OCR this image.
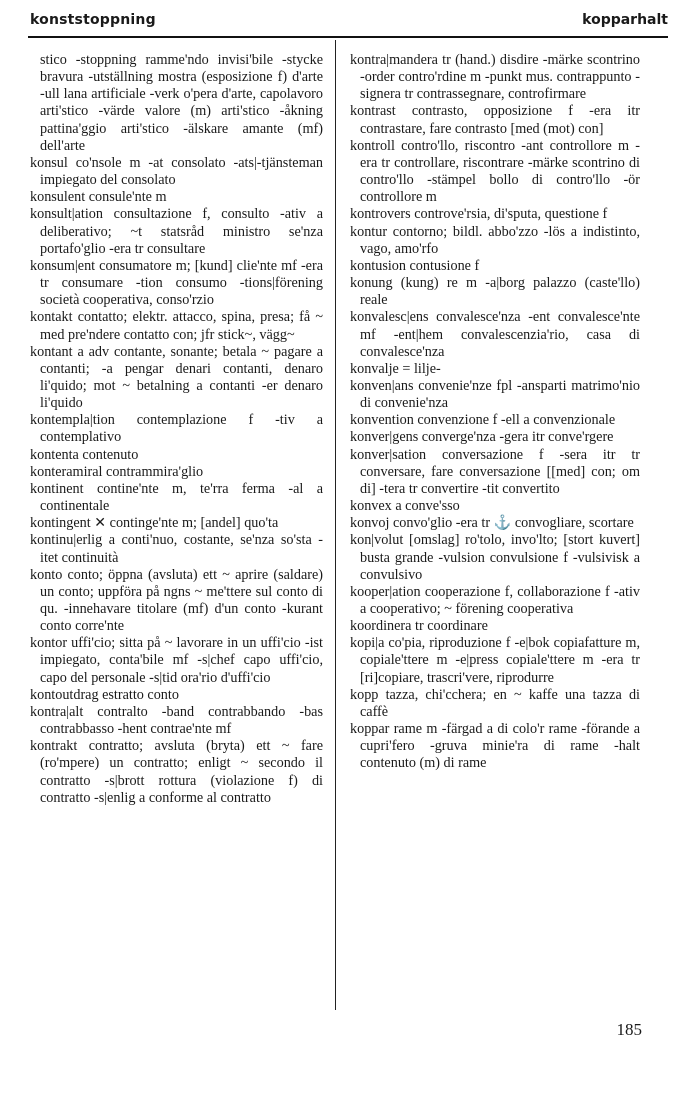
konststoppning	kopparhalt

stico -stoppning ramme'ndo invisi'bile -stycke bravura -utställning mostra (esposizione f) d'arte -ull lana artificiale -verk o'pera d'arte, capolavoro arti'stico -värde valore (m) arti'stico -åkning pattina'ggio arti'stico -älskare amante (mf) dell'arte

konsul co'nsole m -at consolato -ats|-tjänsteman impiegato del consolato

konsulent consule'nte m

konsult|ation consultazione f, consulto -ativ a deliberativo; ~t statsråd ministro se'nza portafo'glio -era tr consultare

konsum|ent consumatore m; [kund] clie'nte mf -era tr consumare -tion consumo -tions|förening società cooperativa, conso'rzio

kontakt contatto; elektr. attacco, spina, presa; få ~ med pre'ndere contatto con; jfr stick~, vägg~

kontant a adv contante, sonante; betala ~ pagare a contanti; -a pengar denari contanti, denaro li'quido; mot ~ betalning a contanti -er denaro li'quido

kontempla|tion contemplazione f -tiv a contemplativo

kontenta contenuto

konteramiral contrammira'glio

kontinent contine'nte m, te'rra ferma -al a continentale

kontingent ✕ continge'nte m; [andel] quo'ta

kontinu|erlig a conti'nuo, costante, se'nza so'sta -itet continuità

konto conto; öppna (avsluta) ett ~ aprire (saldare) un conto; uppföra på ngns ~ me'ttere sul conto di qu. -innehavare titolare (mf) d'un conto -kurant conto corre'nte

kontor uffi'cio; sitta på ~ lavorare in un uffi'cio -ist impiegato, conta'bile mf -s|chef capo uffi'cio, capo del personale -s|tid ora'rio d'uffi'cio

kontoutdrag estratto conto

kontra|alt contralto -band contrabbando -bas contrabbasso -hent contrae'nte mf

kontrakt contratto; avsluta (bryta) ett ~ fare (ro'mpere) un contratto; enligt ~ secondo il contratto -s|brott rottura (violazione f) di contratto -s|enlig a conforme al contratto

kontra|mandera tr (hand.) disdire -märke scontrino -order contro'rdine m -punkt mus. contrappunto -signera tr contrassegnare, controfirmare

kontrast contrasto, opposizione f -era itr contrastare, fare contrasto [med (mot) con]

kontroll contro'llo, riscontro -ant controllore m -era tr controllare, riscontrare -märke scontrino di contro'llo -stämpel bollo di contro'llo -ör controllore m

kontrovers controve'rsia, di'sputa, questione f

kontur contorno; bildl. abbo'zzo -lös a indistinto, vago, amo'rfo

kontusion contusione f

konung (kung) re m -a|borg palazzo (caste'llo) reale

konvalesc|ens convalesce'nza -ent convalesce'nte mf -ent|hem convalescenzia'rio, casa di convalesce'nza

konvalje = lilje-

konven|ans convenie'nze fpl -ansparti matrimo'nio di convenie'nza

konvention convenzione f -ell a convenzionale

konver|gens converge'nza -gera itr conve'rgere

konver|sation conversazione f -sera itr tr conversare, fare conversazione [[med] con; om di] -tera tr convertire -tit convertito

konvex a conve'sso

konvoj convo'glio -era tr ⚓ convogliare, scortare

kon|volut [omslag] ro'tolo, invo'lto; [stort kuvert] busta grande -vulsion convulsione f -vulsivisk a convulsivo

kooper|ation cooperazione f, collaborazione f -ativ a cooperativo; ~ förening cooperativa

koordinera tr coordinare

kopi|a co'pia, riproduzione f -e|bok copiafatture m, copiale'ttere m -e|press copiale'ttere m -era tr [ri]copiare, trascri'vere, riprodurre

kopp tazza, chi'cchera; en ~ kaffe una tazza di caffè

koppar rame m -färgad a di colo'r rame -förande a cupri'fero -gruva minie'ra di rame -halt contenuto (m) di rame

185
